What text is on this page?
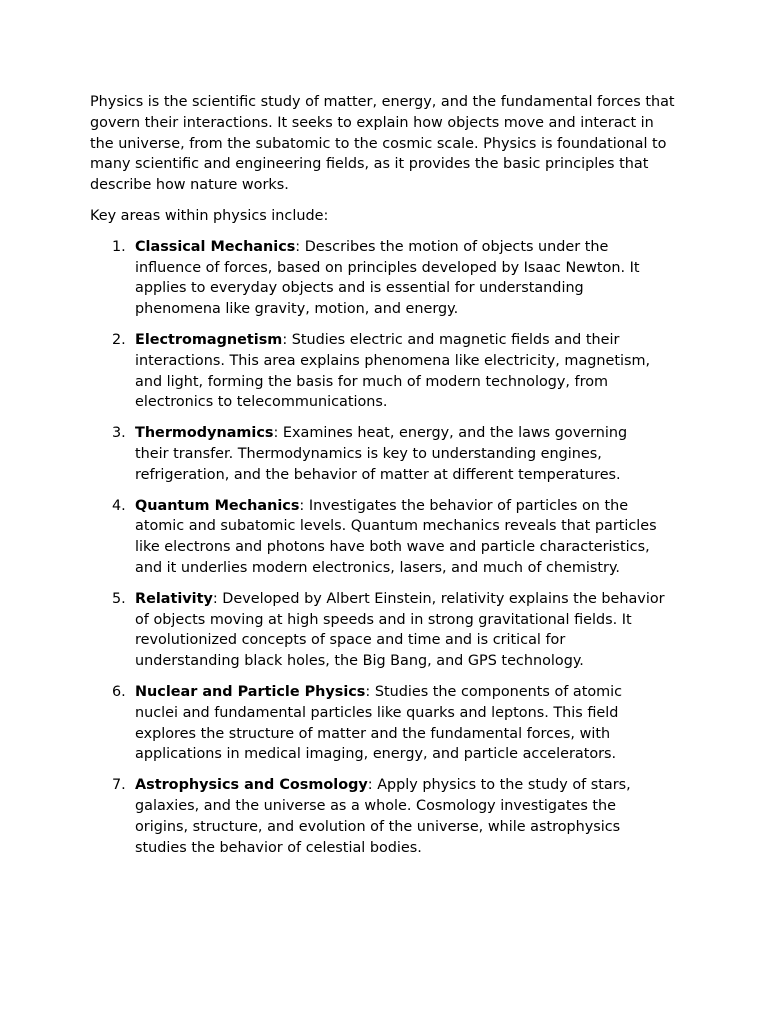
Physics is the scientific study of matter, energy, and the fundamental forces that govern their interactions. It seeks to explain how objects move and interact in the universe, from the subatomic to the cosmic scale. Physics is foundational to many scientific and engineering fields, as it provides the basic principles that describe how nature works.

Key areas within physics include:

1. Classical Mechanics: Describes the motion of objects under the influence of forces, based on principles developed by Isaac Newton. It applies to everyday objects and is essential for understanding phenomena like gravity, motion, and energy.
2. Electromagnetism: Studies electric and magnetic fields and their interactions. This area explains phenomena like electricity, magnetism, and light, forming the basis for much of modern technology, from electronics to telecommunications.
3. Thermodynamics: Examines heat, energy, and the laws governing their transfer. Thermodynamics is key to understanding engines, refrigeration, and the behavior of matter at different temperatures.
4. Quantum Mechanics: Investigates the behavior of particles on the atomic and subatomic levels. Quantum mechanics reveals that particles like electrons and photons have both wave and particle characteristics, and it underlies modern electronics, lasers, and much of chemistry.
5. Relativity: Developed by Albert Einstein, relativity explains the behavior of objects moving at high speeds and in strong gravitational fields. It revolutionized concepts of space and time and is critical for understanding black holes, the Big Bang, and GPS technology.
6. Nuclear and Particle Physics: Studies the components of atomic nuclei and fundamental particles like quarks and leptons. This field explores the structure of matter and the fundamental forces, with applications in medical imaging, energy, and particle accelerators.
7. Astrophysics and Cosmology: Apply physics to the study of stars, galaxies, and the universe as a whole. Cosmology investigates the origins, structure, and evolution of the universe, while astrophysics studies the behavior of celestial bodies.
